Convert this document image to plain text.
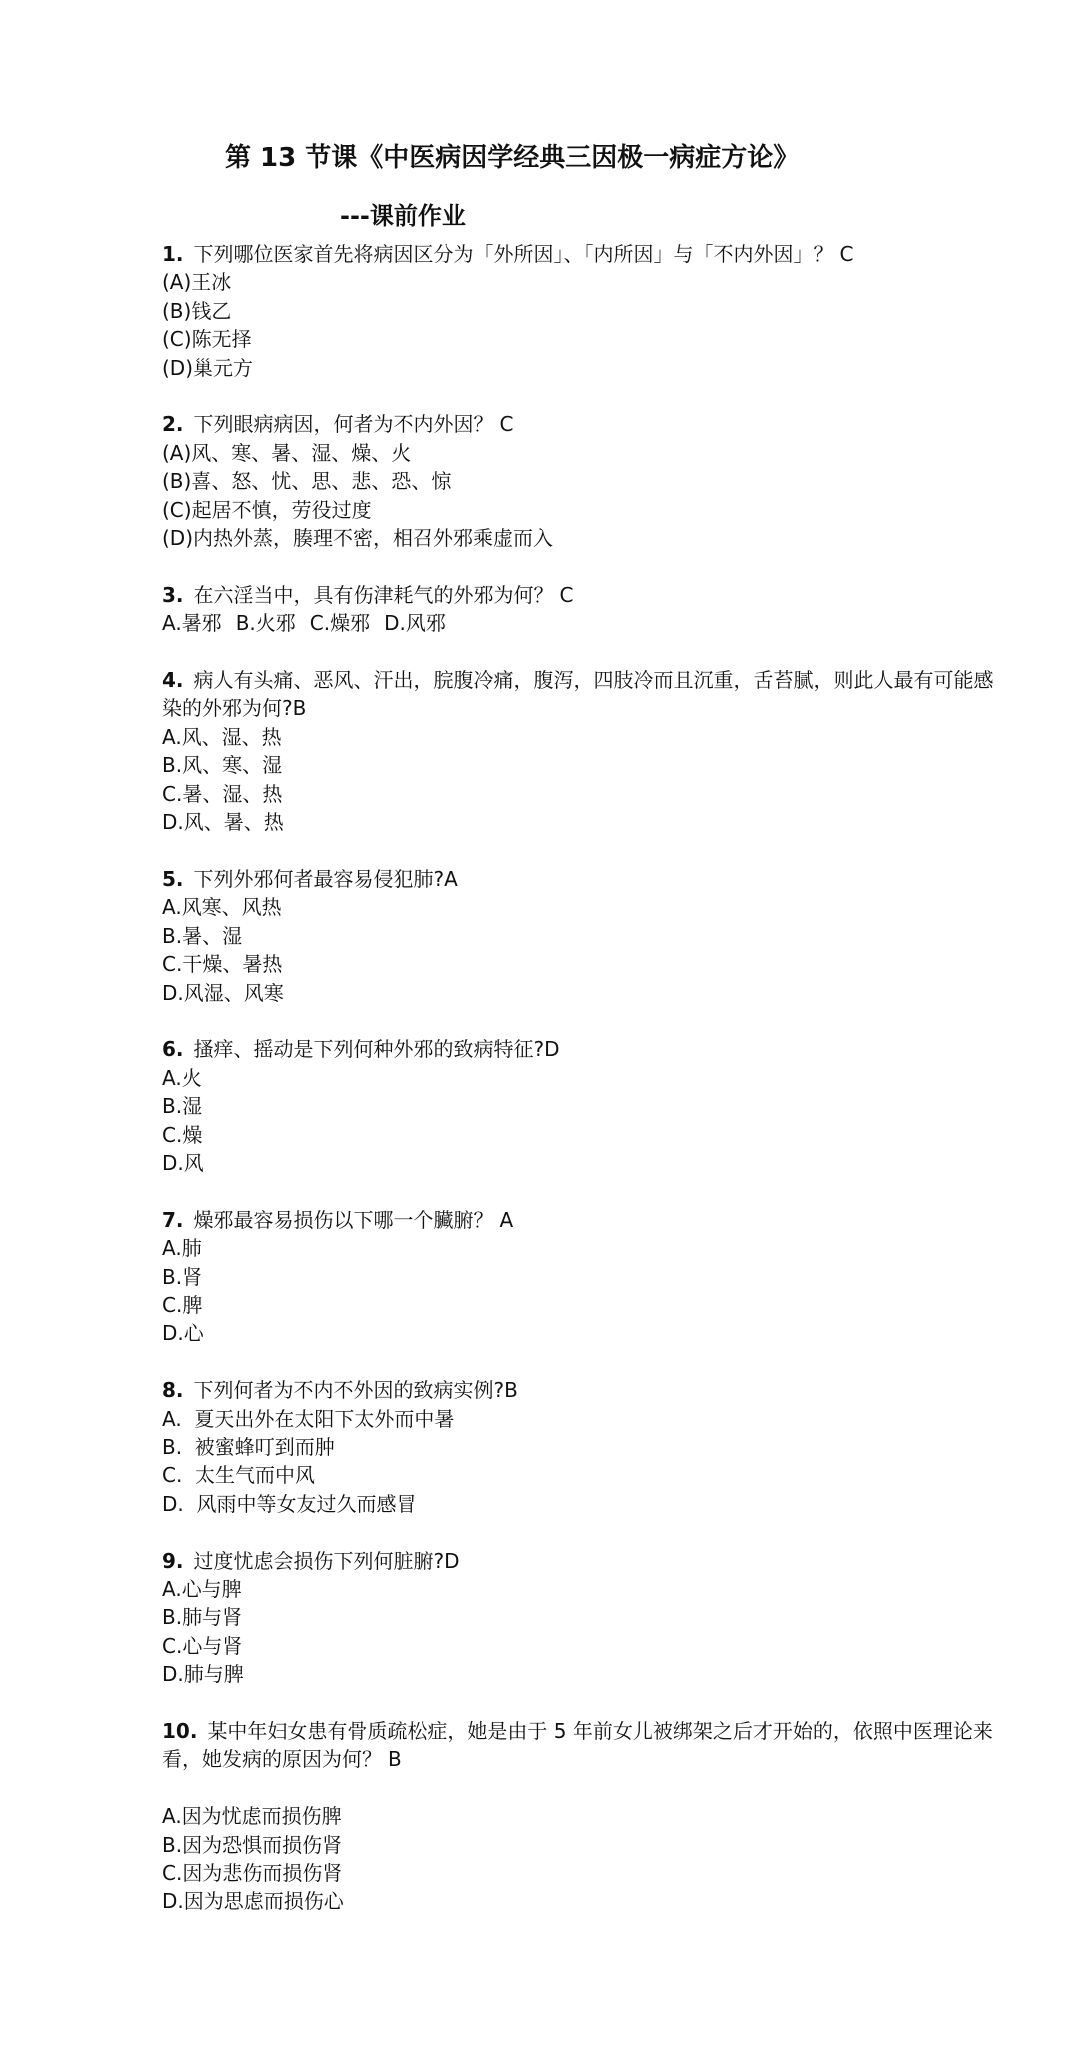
第 13 节课《中医病因学经典三因极一病症方论》
---课前作业

1. 下列哪位医家首先将病因区分为「外所因」、「内所因」与「不内外因」？ C

(A)王冰

(B)钱乙

(C)陈无择

(D)巢元方

2. 下列眼病病因，何者为不内外因？ C

(A)风、寒、暑、湿、燥、火

(B)喜、怒、忧、思、悲、恐、惊

(C)起居不慎，劳役过度

(D)内热外蒸，腠理不密，相召外邪乘虚而入

3. 在六淫当中，具有伤津耗气的外邪为何？ C

A.暑邪 B.火邪 C.燥邪 D.风邪

4. 病人有头痛、恶风、汗出，脘腹冷痛，腹泻，四肢冷而且沉重，舌苔腻，则此人最有可能感染的外邪为何?B

A.风、湿、热

B.风、寒、湿

C.暑、湿、热

D.风、暑、热

5. 下列外邪何者最容易侵犯肺?A

A.风寒、风热

B.暑、湿

C.干燥、暑热

D.风湿、风寒

6. 搔痒、摇动是下列何种外邪的致病特征?D

A.火

B.湿

C.燥

D.风

7. 燥邪最容易损伤以下哪一个臟腑？ A

A.肺

B.肾

C.脾

D.心

8. 下列何者为不内不外因的致病实例?B

A.  夏天出外在太阳下太外而中暑

B.  被蜜蜂叮到而肿

C.  太生气而中风

D.  风雨中等女友过久而感冒

9. 过度忧虑会损伤下列何脏腑?D

A.心与脾

B.肺与肾

C.心与肾

D.肺与脾

10. 某中年妇女患有骨质疏松症，她是由于 5 年前女儿被绑架之后才开始的，依照中医理论来看，她发病的原因为何？ B

A.因为忧虑而损伤脾

B.因为恐惧而损伤肾

C.因为悲伤而损伤肾

D.因为思虑而损伤心
